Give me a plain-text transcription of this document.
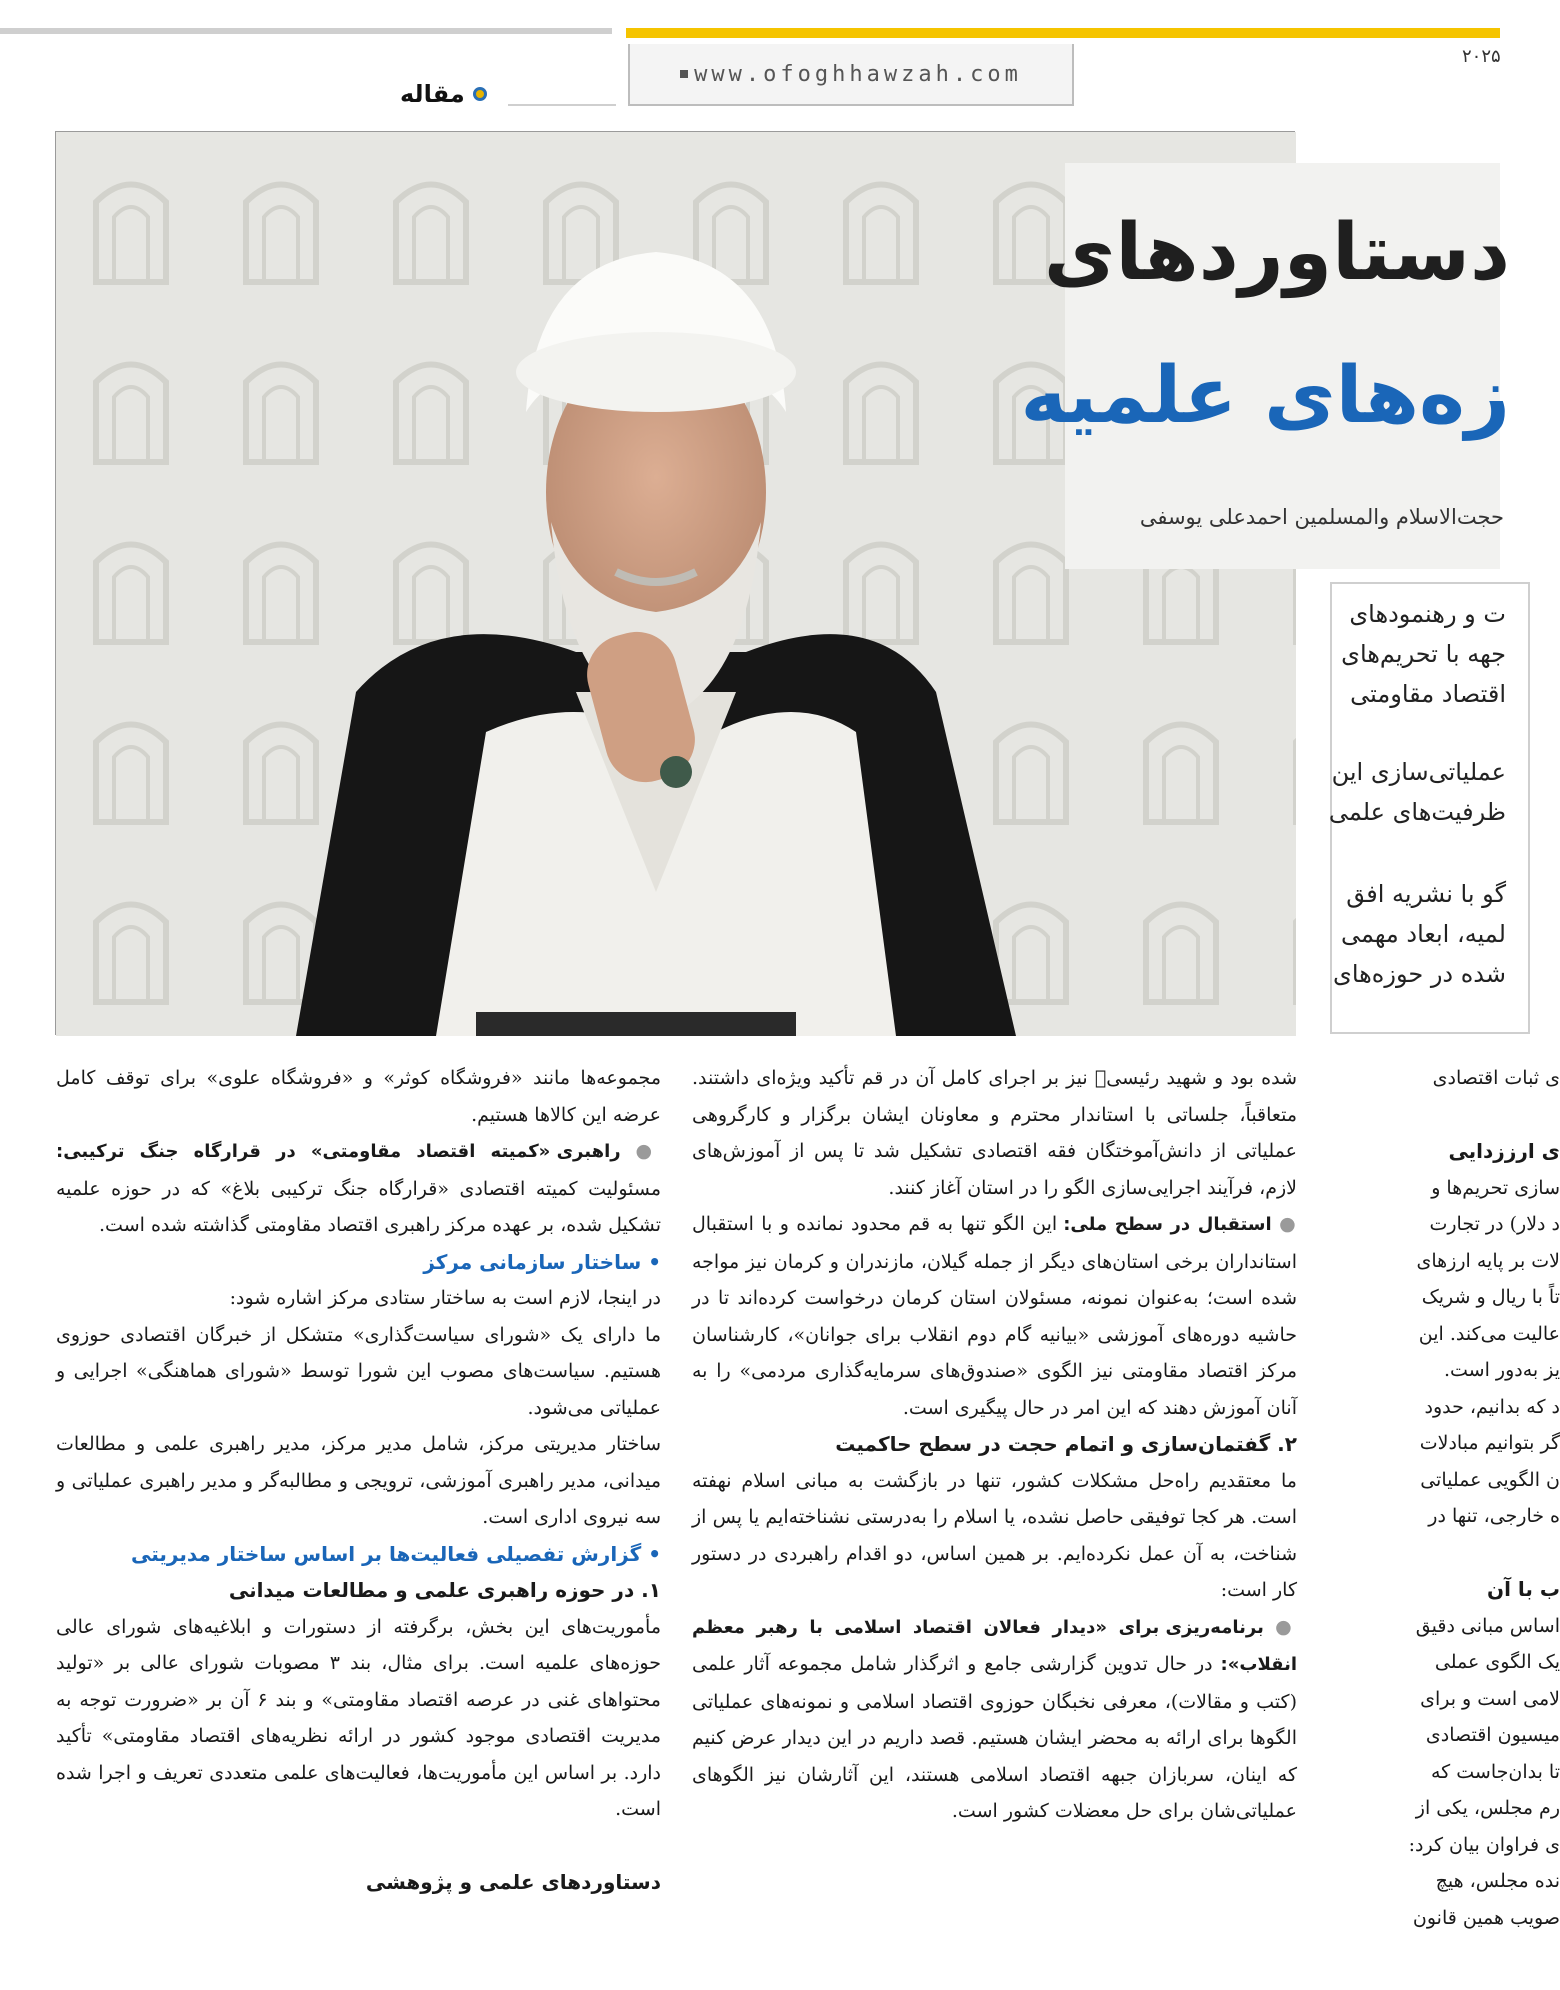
www.ofoghhawzah.com
۲۰۲۵
مقاله
دستاوردهای
زه‌های علمیه
حجت‌الاسلام والمسلمین احمدعلی یوسفی
ت و رهنمودهای
جهه با تحریم‌های
اقتصاد مقاومتی
عملیاتی‌سازی این
ظرفیت‌های علمی
گو با نشریه افق
لمیه، ابعاد مهمی
شده در حوزه‌های

ی ثبات اقتصادی

ی ارززدایی

سازی تحریم‌ها و

د دلار) در تجارت

لات بر پایه ارزهای

تاً با ریال و شریک

عالیت می‌کند. این

یز به‌دور است.

د که بدانیم، حدود

گر بتوانیم مبادلات

ن الگویی عملیاتی

ه خارجی، تنها در

ب با آن

اساس مبانی دقیق

یک الگوی عملی

لامی است و برای

میسیون اقتصادی

تا بدان‌جاست که

رم مجلس، یکی از

ی فراوان بیان کرد:

نده مجلس، هیچ

صویب همین قانون

شده بود و شهید رئیسی﷫ نیز بر اجرای کامل آن در قم تأکید ویژه‌ای داشتند. متعاقباً، جلساتی با استاندار محترم و معاونان ایشان برگزار و کارگروهی عملیاتی از دانش‌آموختگان فقه اقتصادی تشکیل شد تا پس از آموزش‌های لازم، فرآیند اجرایی‌سازی الگو را در استان آغاز کنند.

● استقبال در سطح ملی: این الگو تنها به قم محدود نمانده و با استقبال استانداران برخی استان‌های دیگر از جمله گیلان، مازندران و کرمان نیز مواجه شده است؛ به‌عنوان نمونه، مسئولان استان کرمان درخواست کرده‌اند تا در حاشیه دوره‌های آموزشی «بیانیه گام دوم انقلاب برای جوانان»، کارشناسان مرکز اقتصاد مقاومتی نیز الگوی «صندوق‌های سرمایه‌گذاری مردمی» را به آنان آموزش دهند که این امر در حال پیگیری است.

۲. گفتمان‌سازی و اتمام حجت در سطح حاکمیت

ما معتقدیم راه‌حل مشکلات کشور، تنها در بازگشت به مبانی اسلام نهفته است. هر کجا توفیقی حاصل نشده، یا اسلام را به‌درستی نشناخته‌ایم یا پس از شناخت، به آن عمل نکرده‌ایم. بر همین اساس، دو اقدام راهبردی در دستور کار است:

● برنامه‌ریزی برای «دیدار فعالان اقتصاد اسلامی با رهبر معظم انقلاب»: در حال تدوین گزارشی جامع و اثرگذار شامل مجموعه آثار علمی (کتب و مقالات)، معرفی نخبگان حوزوی اقتصاد اسلامی و نمونه‌های عملیاتی الگوها برای ارائه به محضر ایشان هستیم. قصد داریم در این دیدار عرض کنیم که اینان، سربازان جبهه اقتصاد اسلامی هستند، این آثارشان نیز الگوهای عملیاتی‌شان برای حل معضلات کشور است.

مجموعه‌ها مانند «فروشگاه کوثر» و «فروشگاه علوی» برای توقف کامل عرضه این کالاها هستیم.

● راهبری «کمیته اقتصاد مقاومتی» در قرارگاه جنگ ترکیبی: مسئولیت کمیته اقتصادی «قرارگاه جنگ ترکیبی بلاغ» که در حوزه علمیه تشکیل شده، بر عهده مرکز راهبری اقتصاد مقاومتی گذاشته شده است.

• ساختار سازمانی مرکز

در اینجا، لازم است به ساختار ستادی مرکز اشاره شود:

ما دارای یک «شورای سیاست‌گذاری» متشکل از خبرگان اقتصادی حوزوی هستیم. سیاست‌های مصوب این شورا توسط «شورای هماهنگی» اجرایی و عملیاتی می‌شود.

ساختار مدیریتی مرکز، شامل مدیر مرکز، مدیر راهبری علمی و مطالعات میدانی، مدیر راهبری آموزشی، ترویجی و مطالبه‌گر و مدیر راهبری عملیاتی و سه نیروی اداری است.

• گزارش تفصیلی فعالیت‌ها بر اساس ساختار مدیریتی

۱. در حوزه راهبری علمی و مطالعات میدانی

مأموریت‌های این بخش، برگرفته از دستورات و ابلاغیه‌های شورای عالی حوزه‌های علمیه است. برای مثال، بند ۳ مصوبات شورای عالی بر «تولید محتواهای غنی در عرصه اقتصاد مقاومتی» و بند ۶ آن بر «ضرورت توجه به مدیریت اقتصادی موجود کشور در ارائه نظریه‌های اقتصاد مقاومتی» تأکید دارد. بر اساس این مأموریت‌ها، فعالیت‌های علمی متعددی تعریف و اجرا شده است.

دستاوردهای علمی و پژوهشی
